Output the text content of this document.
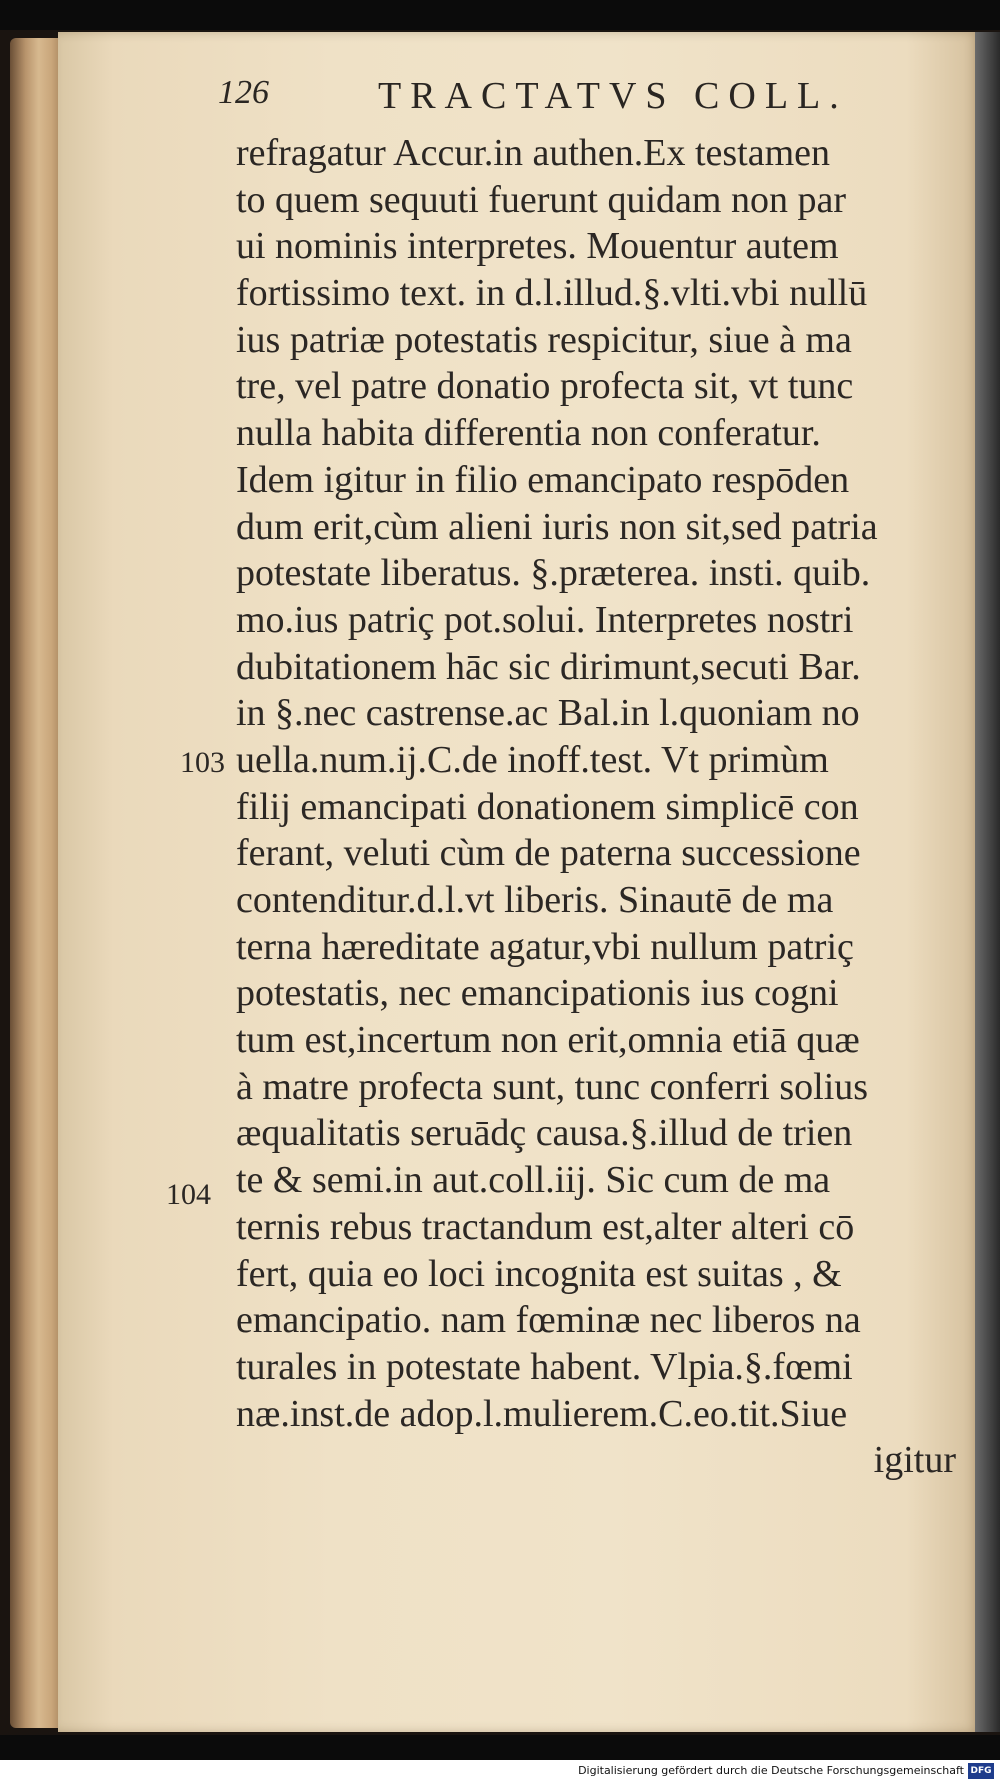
126	TRACTATVS COLL.
refragatur Accur.in authen.Ex testamen
to quem sequuti fuerunt quidam non par
ui nominis interpretes. Mouentur autem
fortissimo text. in d.l.illud.§.vlti.vbi nullū
ius patriæ potestatis respicitur, siue à ma
tre, vel patre donatio profecta sit, vt tunc
nulla habita differentia non conferatur.
Idem igitur in filio emancipato respōden
dum erit,cùm alieni iuris non sit,sed patria
potestate liberatus. §.præterea. insti. quib.
mo.ius patriç pot.solui. Interpretes nostri
dubitationem hāc sic dirimunt,secuti Bar.
in §.nec castrense.ac Bal.in l.quoniam no
uella.num.ij.C.de inoff.test. Vt primùm
filij emancipati donationem simplicē con
ferant, veluti cùm de paterna successione
contenditur.d.l.vt liberis. Sinautē de ma
terna hæreditate agatur,vbi nullum patriç
potestatis, nec emancipationis ius cogni
tum est,incertum non erit,omnia etiā quæ
à matre profecta sunt, tunc conferri solius
æqualitatis seruādç causa.§.illud de trien
te & semi.in aut.coll.iij. Sic cum de ma
ternis rebus tractandum est,alter alteri cō
fert, quia eo loci incognita est suitas , &
emancipatio. nam fœminæ nec liberos na
turales in potestate habent. Vlpia.§.fœmi
næ.inst.de adop.l.mulierem.C.eo.tit.Siue
igitur
103
104
Digitalisierung gefördert durch die Deutsche Forschungsgemeinschaft DFG
